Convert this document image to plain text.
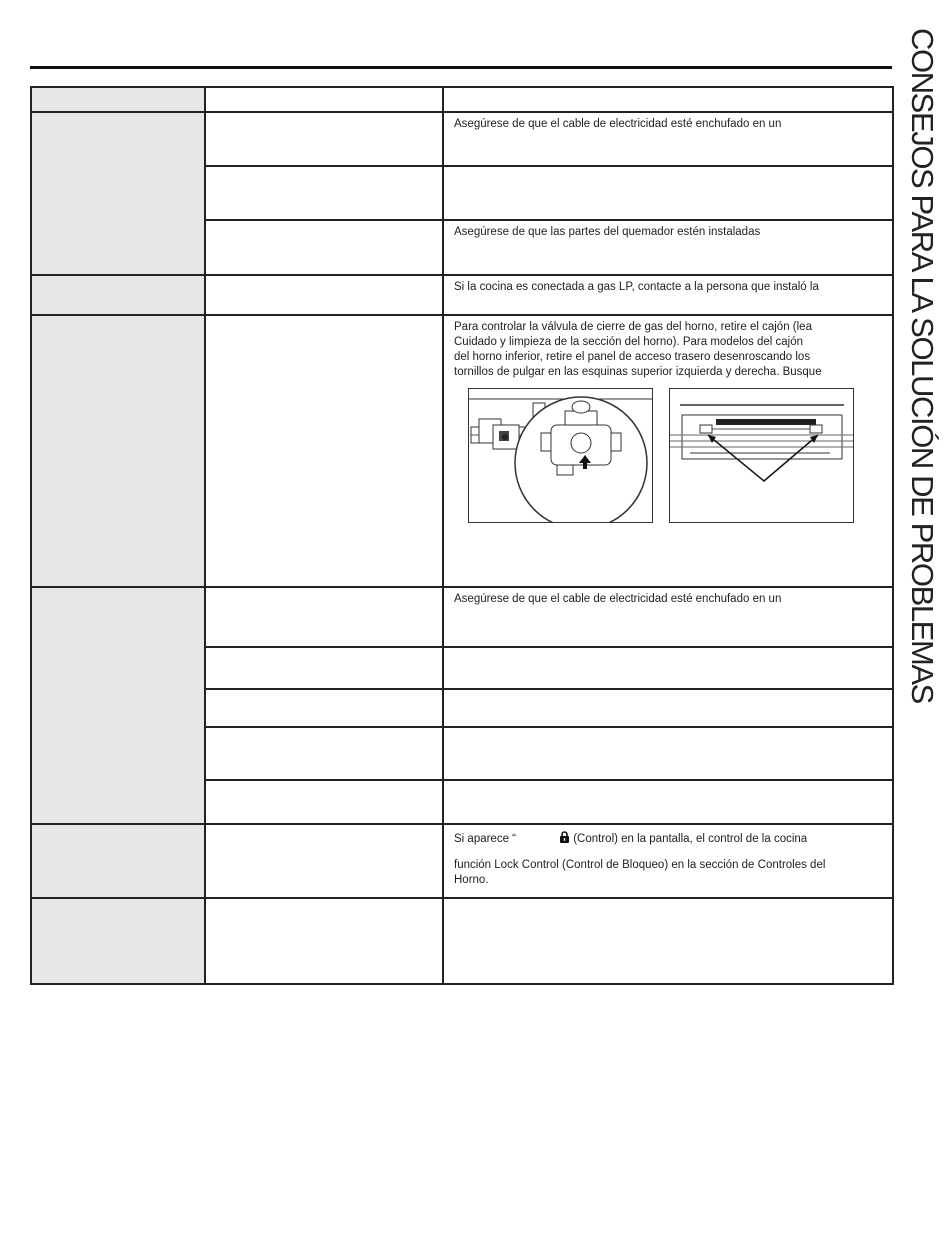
CONSEJOS PARA LA SOLUCIÓN DE PROBLEMAS

		Asegúrese de que el cable de electricidad esté enchufado en un

		Asegúrese de que las partes del quemador estén instaladas

		Si la cocina es conectada a gas LP, contacte a la persona que instaló la

		Para controlar la válvula de cierre de gas del horno, retire el cajón (lea
Cuidado y limpieza de la sección del horno). Para modelos del cajón
del horno inferior, retire el panel de acceso trasero desenroscando los
tornillos de pulgar en las esquinas superior izquierda y derecha. Busque

		Asegúrese de que el cable de electricidad esté enchufado en un

		Si aparece “ (Control) en la pantalla, el control de la cocina
función Lock Control (Control de Bloqueo) en la sección de Controles del
Horno.
